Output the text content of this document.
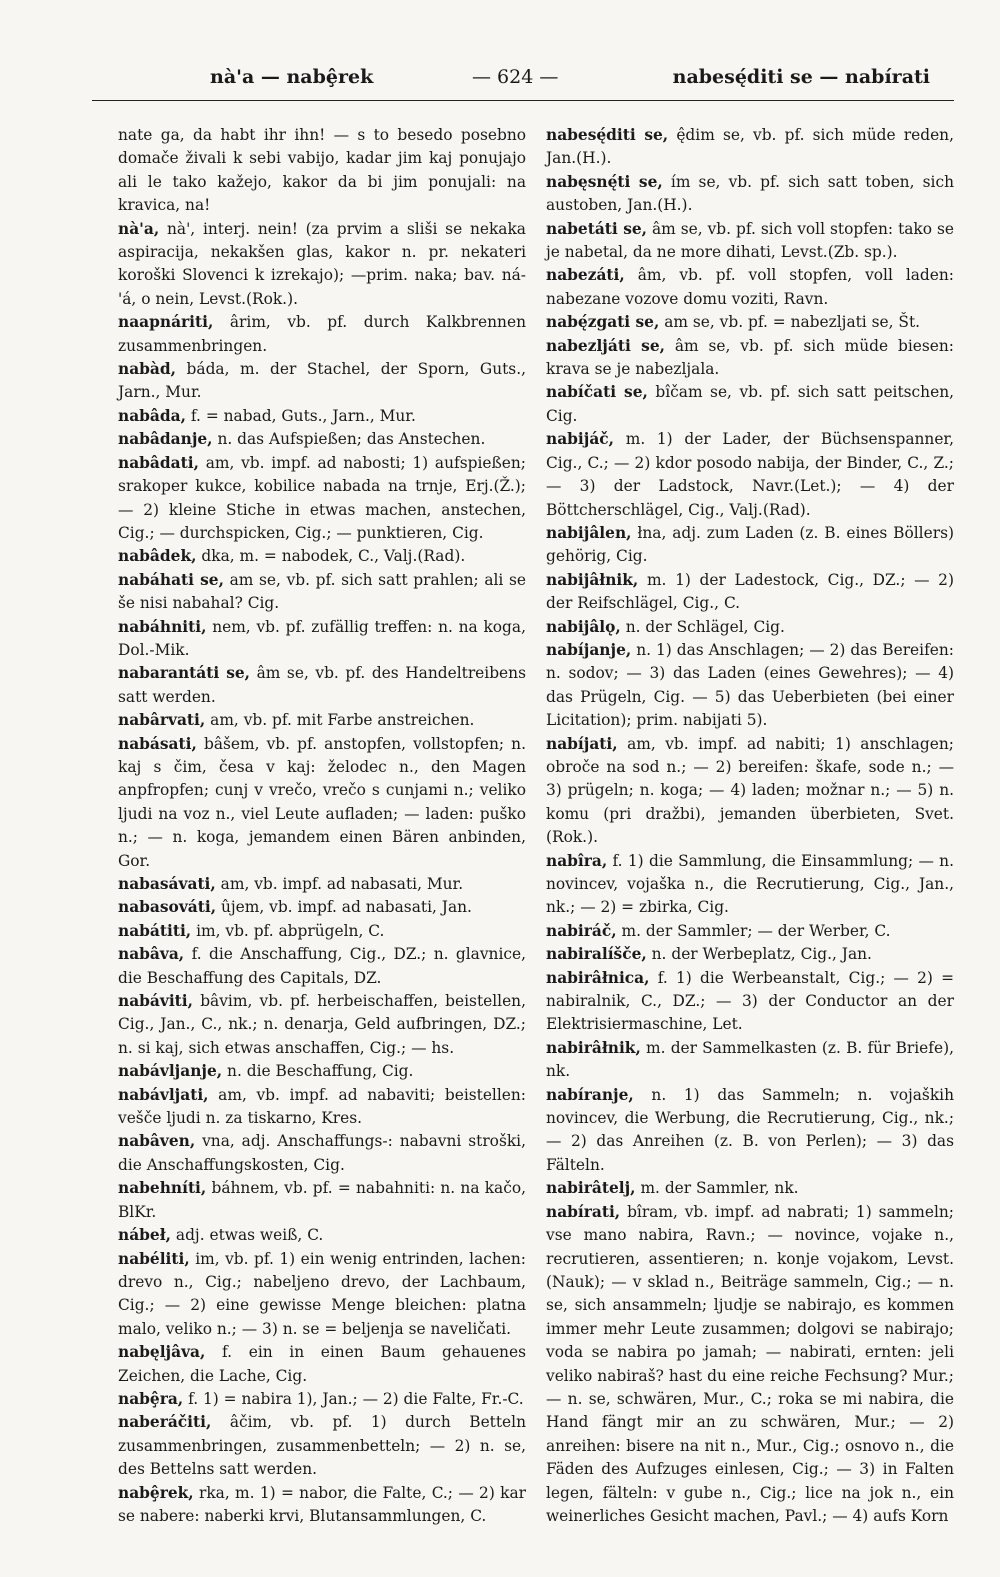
nà'a — nabȩ̂rek	— 624 —	nabesę́diti se — nabírati

nate ga, da habt ihr ihn! — s to besedo posebno domače živali k sebi vabijo, kadar jim kaj ponujajo ali le tako kažejo, kakor da bi jim ponujali: na kravica, na!

nà'a, nà', interj. nein! (za prvim a sliši se nekaka aspiracija, nekakšen glas, kakor n. pr. nekateri koroški Slovenci k izrekajo); —prim. naka; bav. ná-'á, o nein, Levst.(Rok.).

naapnáriti, ârim, vb. pf. durch Kalkbrennen zusammenbringen.

nabàd, báda, m. der Stachel, der Sporn, Guts., Jarn., Mur.

nabâda, f. = nabad, Guts., Jarn., Mur.

nabâdanje, n. das Aufspießen; das Anstechen.

nabâdati, am, vb. impf. ad nabosti; 1) aufspießen; srakoper kukce, kobilice nabada na trnje, Erj.(Ž.); — 2) kleine Stiche in etwas machen, anstechen, Cig.; — durchspicken, Cig.; — punktieren, Cig.

nabâdek, dka, m. = nabodek, C., Valj.(Rad).

nabáhati se, am se, vb. pf. sich satt prahlen; ali se še nisi nabahal? Cig.

nabáhniti, nem, vb. pf. zufällig treffen: n. na koga, Dol.-Mik.

nabarantáti se, âm se, vb. pf. des Handeltreibens satt werden.

nabârvati, am, vb. pf. mit Farbe anstreichen.

nabásati, bâšem, vb. pf. anstopfen, vollstopfen; n. kaj s čim, česa v kaj: želodec n., den Magen anpfropfen; cunj v vrečo, vrečo s cunjami n.; veliko ljudi na voz n., viel Leute aufladen; — laden: puško n.; — n. koga, jemandem einen Bären anbinden, Gor.

nabasávati, am, vb. impf. ad nabasati, Mur.

nabasováti, ûjem, vb. impf. ad nabasati, Jan.

nabátiti, im, vb. pf. abprügeln, C.

nabâva, f. die Anschaffung, Cig., DZ.; n. glavnice, die Beschaffung des Capitals, DZ.

nabáviti, bâvim, vb. pf. herbeischaffen, beistellen, Cig., Jan., C., nk.; n. denarja, Geld aufbringen, DZ.; n. si kaj, sich etwas anschaffen, Cig.; — hs.

nabávljanje, n. die Beschaffung, Cig.

nabávljati, am, vb. impf. ad nabaviti; beistellen: vešče ljudi n. za tiskarno, Kres.

nabâven, vna, adj. Anschaffungs-: nabavni stroški, die Anschaffungskosten, Cig.

nabehníti, báhnem, vb. pf. = nabahniti: n. na kačo, BlKr.

nábeł, adj. etwas weiß, C.

nabéliti, im, vb. pf. 1) ein wenig entrinden, lachen: drevo n., Cig.; nabeljeno drevo, der Lachbaum, Cig.; — 2) eine gewisse Menge bleichen: platna malo, veliko n.; — 3) n. se = beljenja se naveličati.

nabęljâva, f. ein in einen Baum gehauenes Zeichen, die Lache, Cig.

nabȩ̂ra, f. 1) = nabira 1), Jan.; — 2) die Falte, Fr.-C.

naberáčiti, âčim, vb. pf. 1) durch Betteln zusammenbringen, zusammenbetteln; — 2) n. se, des Bettelns satt werden.

nabȩ̂rek, rka, m. 1) = nabor, die Falte, C.; — 2) kar se nabere: naberki krvi, Blutansammlungen, C.

nabesę́diti se, ę̂dim se, vb. pf. sich müde reden, Jan.(H.).

nabęsnę́ti se, ím se, vb. pf. sich satt toben, sich austoben, Jan.(H.).

nabetáti se, âm se, vb. pf. sich voll stopfen: tako se je nabetal, da ne more dihati, Levst.(Zb. sp.).

nabezáti, âm, vb. pf. voll stopfen, voll laden: nabezane vozove domu voziti, Ravn.

nabę́zgati se, am se, vb. pf. = nabezljati se, Št.

nabezljáti se, âm se, vb. pf. sich müde biesen: krava se je nabezljala.

nabíčati se, bîčam se, vb. pf. sich satt peitschen, Cig.

nabijáč, m. 1) der Lader, der Büchsenspanner, Cig., C.; — 2) kdor posodo nabija, der Binder, C., Z.; — 3) der Ladstock, Navr.(Let.); — 4) der Böttcherschlägel, Cig., Valj.(Rad).

nabijâlen, łna, adj. zum Laden (z. B. eines Böllers) gehörig, Cig.

nabijâłnik, m. 1) der Ladestock, Cig., DZ.; — 2) der Reifschlägel, Cig., C.

nabijâlǫ, n. der Schlägel, Cig.

nabíjanje, n. 1) das Anschlagen; — 2) das Bereifen: n. sodov; — 3) das Laden (eines Gewehres); — 4) das Prügeln, Cig. — 5) das Ueberbieten (bei einer Licitation); prim. nabijati 5).

nabíjati, am, vb. impf. ad nabiti; 1) anschlagen; obroče na sod n.; — 2) bereifen: škafe, sode n.; — 3) prügeln; n. koga; — 4) laden; možnar n.; — 5) n. komu (pri dražbi), jemanden überbieten, Svet.(Rok.).

nabîra, f. 1) die Sammlung, die Einsammlung; — n. novincev, vojaška n., die Recrutierung, Cig., Jan., nk.; — 2) = zbirka, Cig.

nabiráč, m. der Sammler; — der Werber, C.

nabiralíšče, n. der Werbeplatz, Cig., Jan.

nabirâłnica, f. 1) die Werbeanstalt, Cig.; — 2) = nabiralnik, C., DZ.; — 3) der Conductor an der Elektrisiermaschine, Let.

nabirâłnik, m. der Sammelkasten (z. B. für Briefe), nk.

nabíranje, n. 1) das Sammeln; n. vojaških novincev, die Werbung, die Recrutierung, Cig., nk.; — 2) das Anreihen (z. B. von Perlen); — 3) das Fälteln.

nabirâtelj, m. der Sammler, nk.

nabírati, bîram, vb. impf. ad nabrati; 1) sammeln; vse mano nabira, Ravn.; — novince, vojake n., recrutieren, assentieren; n. konje vojakom, Levst. (Nauk); — v sklad n., Beiträge sammeln, Cig.; — n. se, sich ansammeln; ljudje se nabirajo, es kommen immer mehr Leute zusammen; dolgovi se nabirajo; voda se nabira po jamah; — nabirati, ernten: jeli veliko nabiraš? hast du eine reiche Fechsung? Mur.; — n. se, schwären, Mur., C.; roka se mi nabira, die Hand fängt mir an zu schwären, Mur.; — 2) anreihen: bisere na nit n., Mur., Cig.; osnovo n., die Fäden des Aufzuges einlesen, Cig.; — 3) in Falten legen, fälteln: v gube n., Cig.; lice na jok n., ein weinerliches Gesicht machen, Pavl.; — 4) aufs Korn
